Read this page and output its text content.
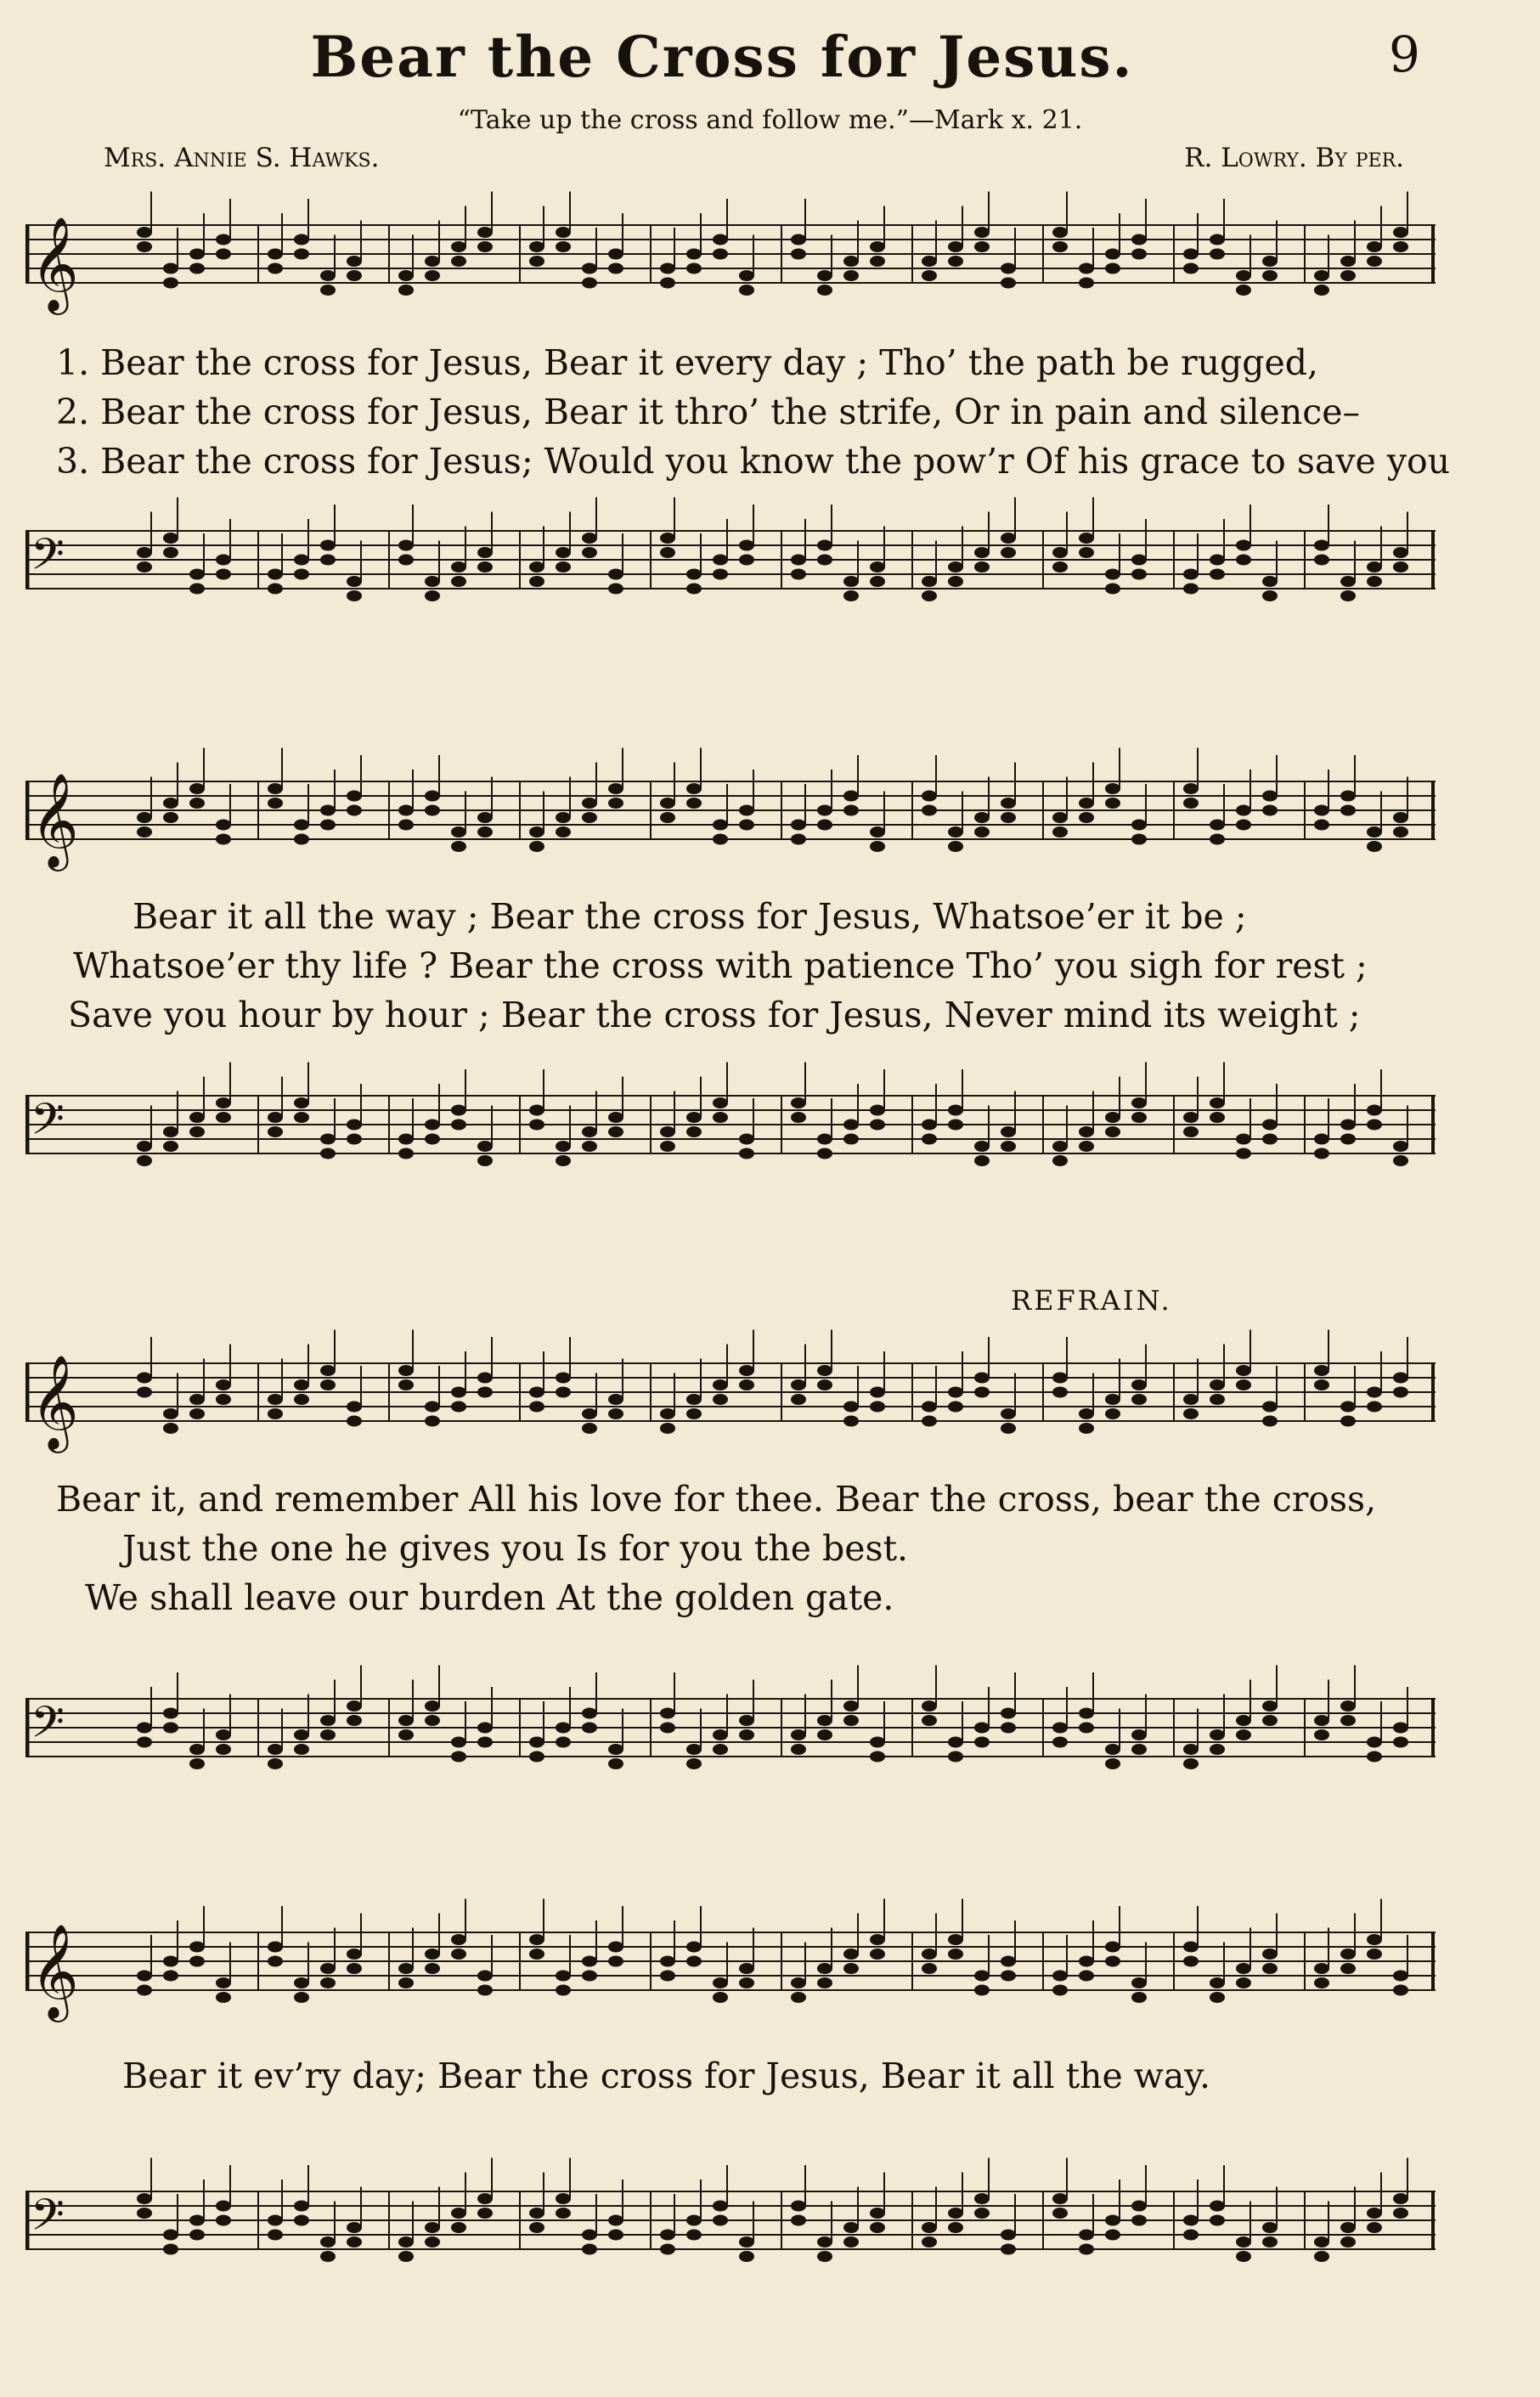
Bear the Cross for Jesus.	9
“Take up the cross and follow me.”—Mark x. 21.
Mrs. Annie S. Hawks.	R. Lowry. By per.
𝄞
1. Bear the cross for Jesus, Bear it every day ; Tho’ the path be rugged,
2. Bear the cross for Jesus, Bear it thro’ the strife, Or in pain and silence–
3. Bear the cross for Jesus; Would you know the pow’r Of his grace to save you
𝄢
𝄞
Bear it all the way ; Bear the cross for Jesus, Whatsoe’er it be ;
Whatsoe’er thy life ? Bear the cross with patience Tho’ you sigh for rest ;
Save you hour by hour ; Bear the cross for Jesus, Never mind its weight ;
𝄢
REFRAIN.
𝄞
Bear it, and remember All his love for thee. Bear the cross, bear the cross,
Just the one he gives you Is for you the best.
We shall leave our burden At the golden gate.
𝄢
𝄞
Bear it ev’ry day; Bear the cross for Jesus, Bear it all the way.
𝄢
